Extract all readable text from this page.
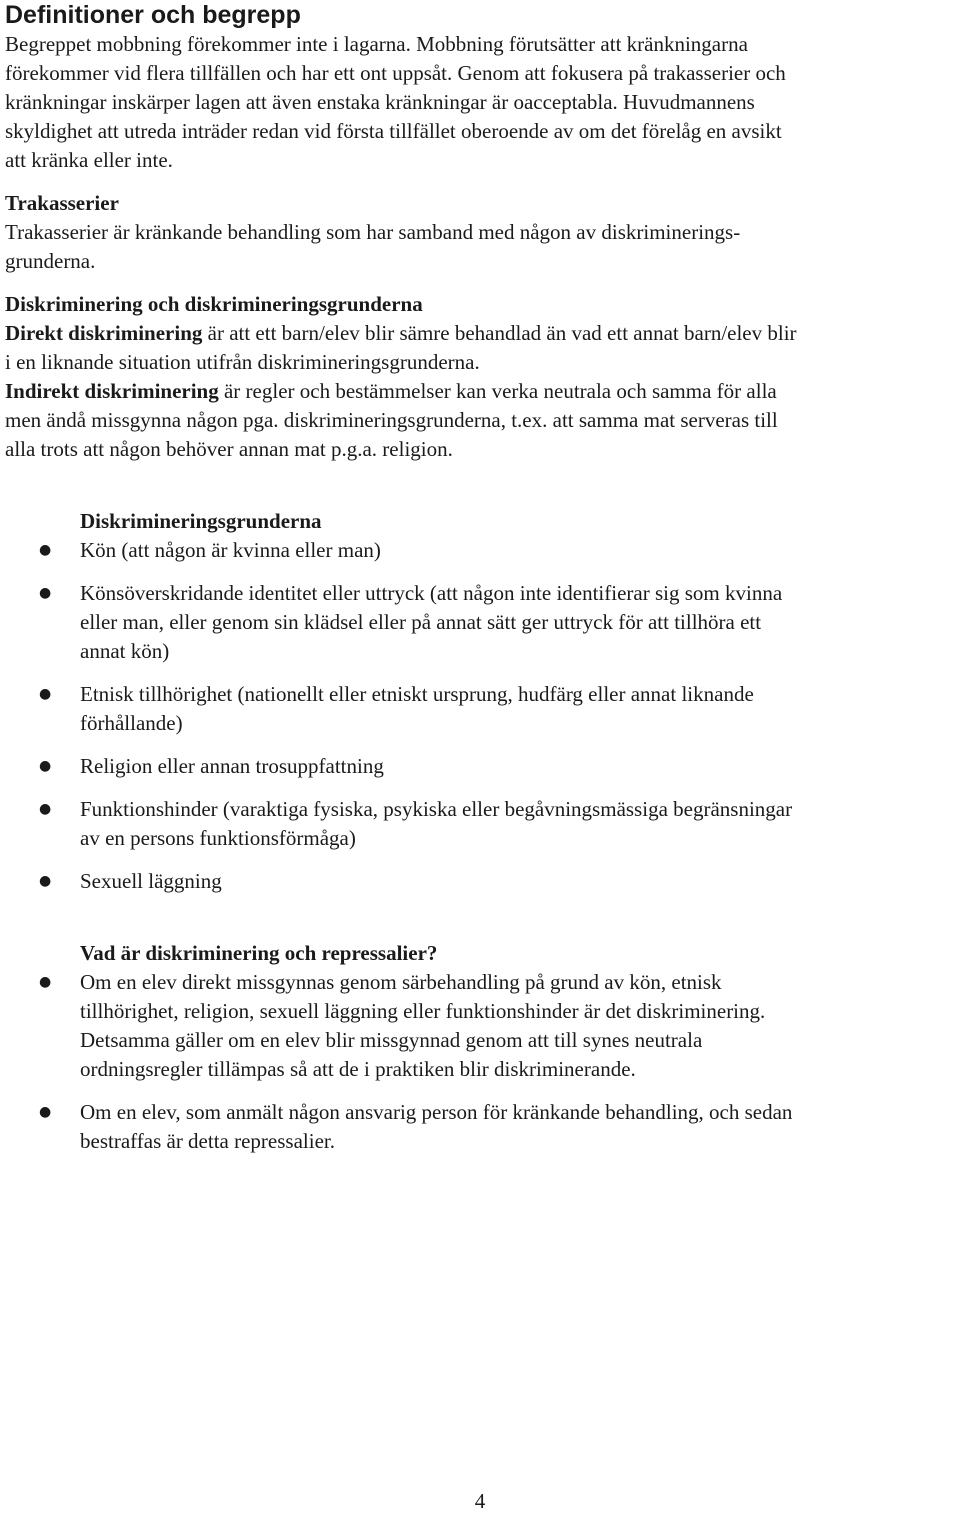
Definitioner och begrepp

Begreppet mobbning förekommer inte i lagarna. Mobbning förutsätter att kränkningarna

förekommer vid flera tillfällen och har ett ont uppsåt. Genom att fokusera på trakasserier och

kränkningar inskärper lagen att även enstaka kränkningar är oacceptabla. Huvudmannens

skyldighet att utreda inträder redan vid första tillfället oberoende av om det förelåg en avsikt

att kränka eller inte.

Trakasserier

Trakasserier är kränkande behandling som har samband med någon av diskriminerings-

grunderna.

Diskriminering och diskrimineringsgrunderna

Direkt diskriminering är att ett barn/elev blir sämre behandlad än vad ett annat barn/elev blir

i en liknande situation utifrån diskrimineringsgrunderna.

Indirekt diskriminering är regler och bestämmelser kan verka neutrala och samma för alla

men ändå missgynna någon pga. diskrimineringsgrunderna, t.ex. att samma mat serveras till

alla trots att någon behöver annan mat p.g.a. religion.

Diskrimineringsgrunderna

● Kön (att någon är kvinna eller man)

● Könsöverskridande identitet eller uttryck (att någon inte identifierar sig som kvinna

eller man, eller genom sin klädsel eller på annat sätt ger uttryck för att tillhöra ett

annat kön)

● Etnisk tillhörighet (nationellt eller etniskt ursprung, hudfärg eller annat liknande

förhållande)

● Religion eller annan trosuppfattning

● Funktionshinder (varaktiga fysiska, psykiska eller begåvningsmässiga begränsningar

av en persons funktionsförmåga)

● Sexuell läggning

Vad är diskriminering och repressalier?

● Om en elev direkt missgynnas genom särbehandling på grund av kön, etnisk

tillhörighet, religion, sexuell läggning eller funktionshinder är det diskriminering.

Detsamma gäller om en elev blir missgynnad genom att till synes neutrala

ordningsregler tillämpas så att de i praktiken blir diskriminerande.

● Om en elev, som anmält någon ansvarig person för kränkande behandling, och sedan

bestraffas är detta repressalier.

4
